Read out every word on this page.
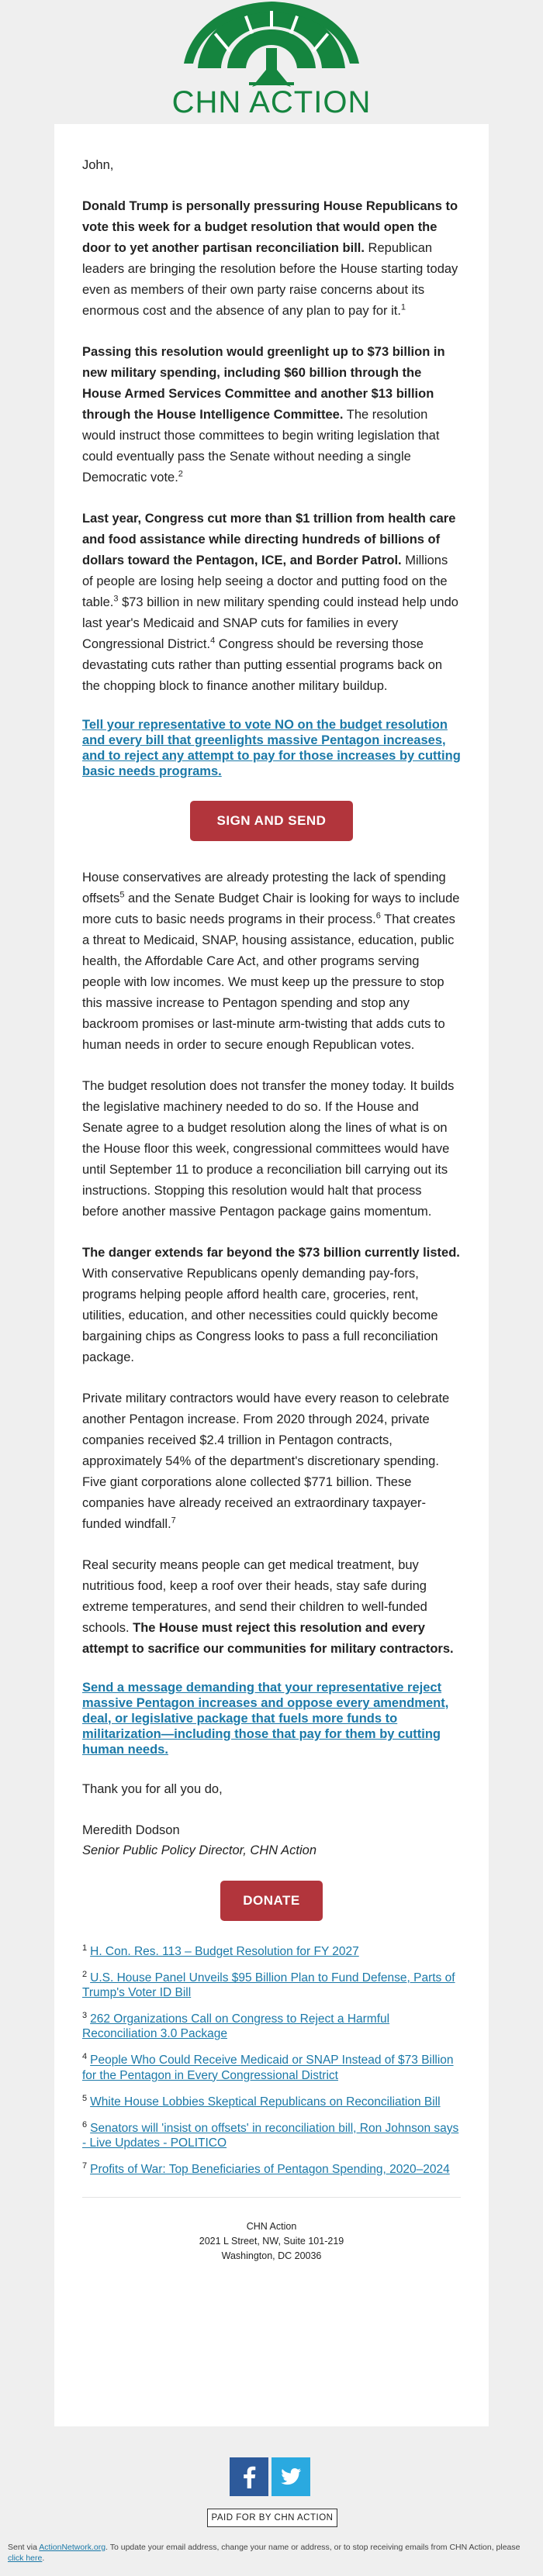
CHN ACTION

John,

Donald Trump is personally pressuring House Republicans to vote this week for a budget resolution that would open the door to yet another partisan reconciliation bill. Republican leaders are bringing the resolution before the House starting today even as members of their own party raise concerns about its enormous cost and the absence of any plan to pay for it.$^1$

Passing this resolution would greenlight up to $73 billion in new military spending, including $60 billion through the House Armed Services Committee and another $13 billion through the House Intelligence Committee. The resolution would instruct those committees to begin writing legislation that could eventually pass the Senate without needing a single Democratic vote.$^2$

Last year, Congress cut more than $1 trillion from health care and food assistance while directing hundreds of billions of dollars toward the Pentagon, ICE, and Border Patrol. Millions of people are losing help seeing a doctor and putting food on the table.$^3$ $73 billion in new military spending could instead help undo last year's Medicaid and SNAP cuts for families in every Congressional District.$^4$ Congress should be reversing those devastating cuts rather than putting essential programs back on the chopping block to finance another military buildup.

Tell your representative to vote NO on the budget resolution and every bill that greenlights massive Pentagon increases, and to reject any attempt to pay for those increases by cutting basic needs programs.
SIGN AND SEND

House conservatives are already protesting the lack of spending offsets$^5$ and the Senate Budget Chair is looking for ways to include more cuts to basic needs programs in their process.$^6$ That creates a threat to Medicaid, SNAP, housing assistance, education, public health, the Affordable Care Act, and other programs serving people with low incomes. We must keep up the pressure to stop this massive increase to Pentagon spending and stop any backroom promises or last-minute arm-twisting that adds cuts to human needs in order to secure enough Republican votes.

The budget resolution does not transfer the money today. It builds the legislative machinery needed to do so. If the House and Senate agree to a budget resolution along the lines of what is on the House floor this week, congressional committees would have until September 11 to produce a reconciliation bill carrying out its instructions. Stopping this resolution would halt that process before another massive Pentagon package gains momentum.

The danger extends far beyond the $73 billion currently listed. With conservative Republicans openly demanding pay-fors, programs helping people afford health care, groceries, rent, utilities, education, and other necessities could quickly become bargaining chips as Congress looks to pass a full reconciliation package.

Private military contractors would have every reason to celebrate another Pentagon increase. From 2020 through 2024, private companies received $2.4 trillion in Pentagon contracts, approximately 54% of the department's discretionary spending. Five giant corporations alone collected $771 billion. These companies have already received an extraordinary taxpayer-funded windfall.$^7$

Real security means people can get medical treatment, buy nutritious food, keep a roof over their heads, stay safe during extreme temperatures, and send their children to well-funded schools. The House must reject this resolution and every attempt to sacrifice our communities for military contractors.

Send a message demanding that your representative reject massive Pentagon increases and oppose every amendment, deal, or legislative package that fuels more funds to militarization—including those that pay for them by cutting human needs.

Thank you for all you do,

Meredith Dodson

Senior Public Policy Director, CHN Action

DONATE
$^1$ H. Con. Res. 113 – Budget Resolution for FY 2027
$^2$ U.S. House Panel Unveils $95 Billion Plan to Fund Defense, Parts of Trump's Voter ID Bill
$^3$ 262 Organizations Call on Congress to Reject a Harmful Reconciliation 3.0 Package
$^4$ People Who Could Receive Medicaid or SNAP Instead of $73 Billion for the Pentagon in Every Congressional District
$^5$ White House Lobbies Skeptical Republicans on Reconciliation Bill
$^6$ Senators will 'insist on offsets' in reconciliation bill, Ron Johnson says - Live Updates - POLITICO
$^7$ Profits of War: Top Beneficiaries of Pentagon Spending, 2020–2024
CHN Action
2021 L Street, NW, Suite 101-219
Washington, DC 20036
PAID FOR BY CHN ACTION
Sent via ActionNetwork.org. To update your email address, change your name or address, or to stop receiving emails from CHN Action, please click here.
